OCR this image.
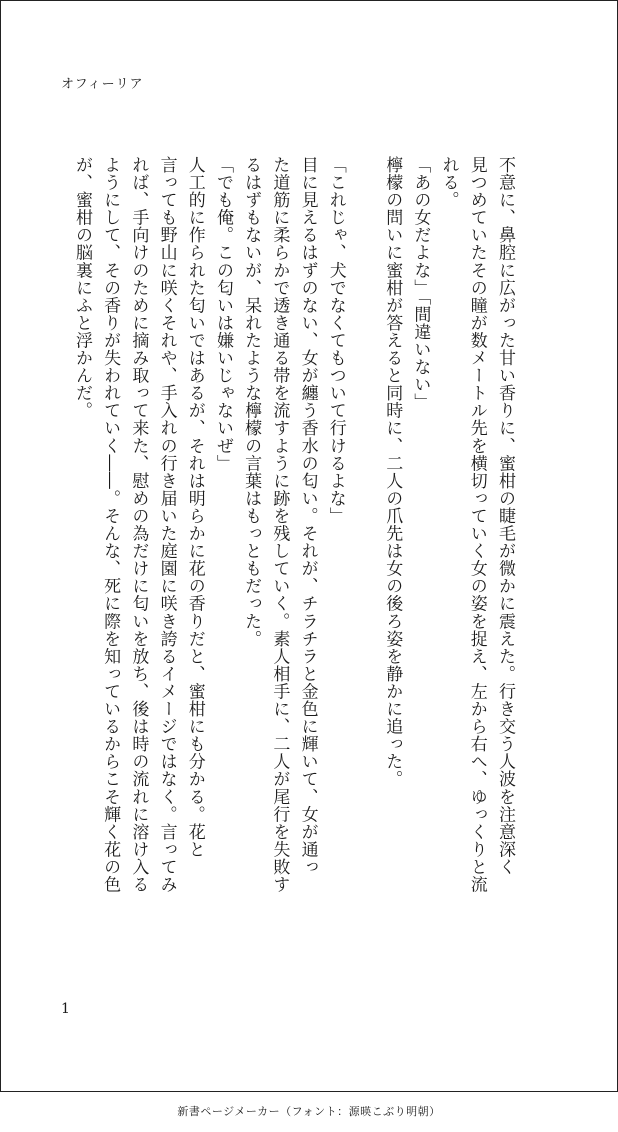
オフィーリア

不意に、鼻腔に広がった甘い香りに、蜜柑の睫毛が微かに震えた。行き交う人波を注意深く

見つめていたその瞳が数メートル先を横切っていく女の姿を捉え、左から右へ、ゆっくりと流

れる。

「あの女だよな」「間違いない」

檸檬の問いに蜜柑が答えると同時に、二人の爪先は女の後ろ姿を静かに追った。

「これじゃ、犬でなくてもついて行けるよな」

目に見えるはずのない、女が纏う香水の匂い。それが、チラチラと金色に輝いて、女が通っ

た道筋に柔らかで透き通る帯を流すように跡を残していく。素人相手に、二人が尾行を失敗す

るはずもないが、呆れたような檸檬の言葉はもっともだった。

「でも俺。この匂いは嫌いじゃないぜ」

人工的に作られた匂いではあるが、それは明らかに花の香りだと、蜜柑にも分かる。花と

言っても野山に咲くそれや、手入れの行き届いた庭園に咲き誇るイメージではなく。言ってみ

れば、手向けのために摘み取って来た、慰めの為だけに匂いを放ち、後は時の流れに溶け入る

ようにして、その香りが失われていく――。そんな、死に際を知っているからこそ輝く花の色

が、蜜柑の脳裏にふと浮かんだ。

1
新書ページメーカー（フォント：源暎こぶり明朝）
